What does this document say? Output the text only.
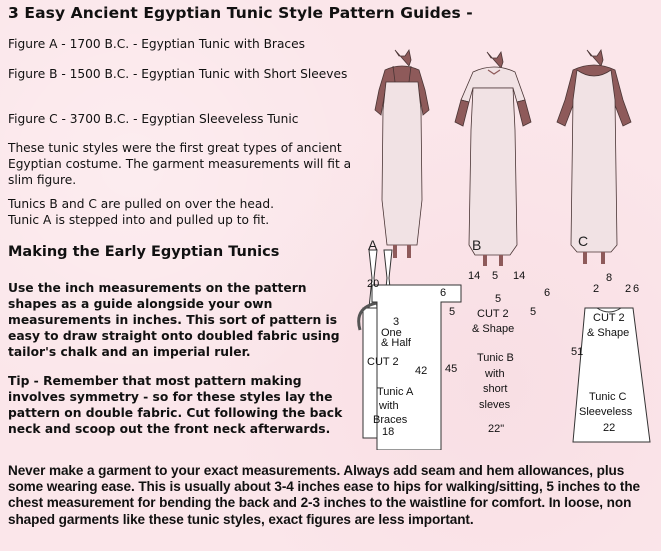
3 Easy Ancient Egyptian Tunic Style Pattern Guides -
Figure A - 1700 B.C. - Egyptian Tunic with Braces
Figure B - 1500 B.C. - Egyptian Tunic with Short Sleeves
Figure C - 3700 B.C. - Egyptian Sleeveless Tunic
These tunic styles were the first great types of ancient Egyptian costume. The garment measurements will fit a slim figure.
Tunics B and C are pulled on over the head.
Tunic A is stepped into and pulled up to fit.
Making the Early Egyptian Tunics
Use the inch measurements on the pattern shapes as a guide alongside your own measurements in inches. This sort of pattern is easy to draw straight onto doubled fabric using tailor's chalk and an imperial ruler.
Tip - Remember that most pattern making involves symmetry - so for these styles lay the pattern on double fabric. Cut following the back neck and scoop out the front neck afterwards.
Never make a garment to your exact measurements. Always add seam and hem allowances, plus some wearing ease. This is usually about 3-4 inches ease to hips for walking/sitting, 5 inches to the chest measurement for bending the back and 2-3 inches to the waistline for comfort. In loose, non shaped garments like these tunic styles, exact figures are less important.
A	B	C
20
3
One
& Half
CUT 2
42
Tunic A
with
Braces
18
14 5 14
6	6
5
5	5
CUT 2
& Shape
45
Tunic B
with
short
sleves
22"
8
2 2 6
CUT 2
& Shape
51
Tunic C
Sleeveless
22
